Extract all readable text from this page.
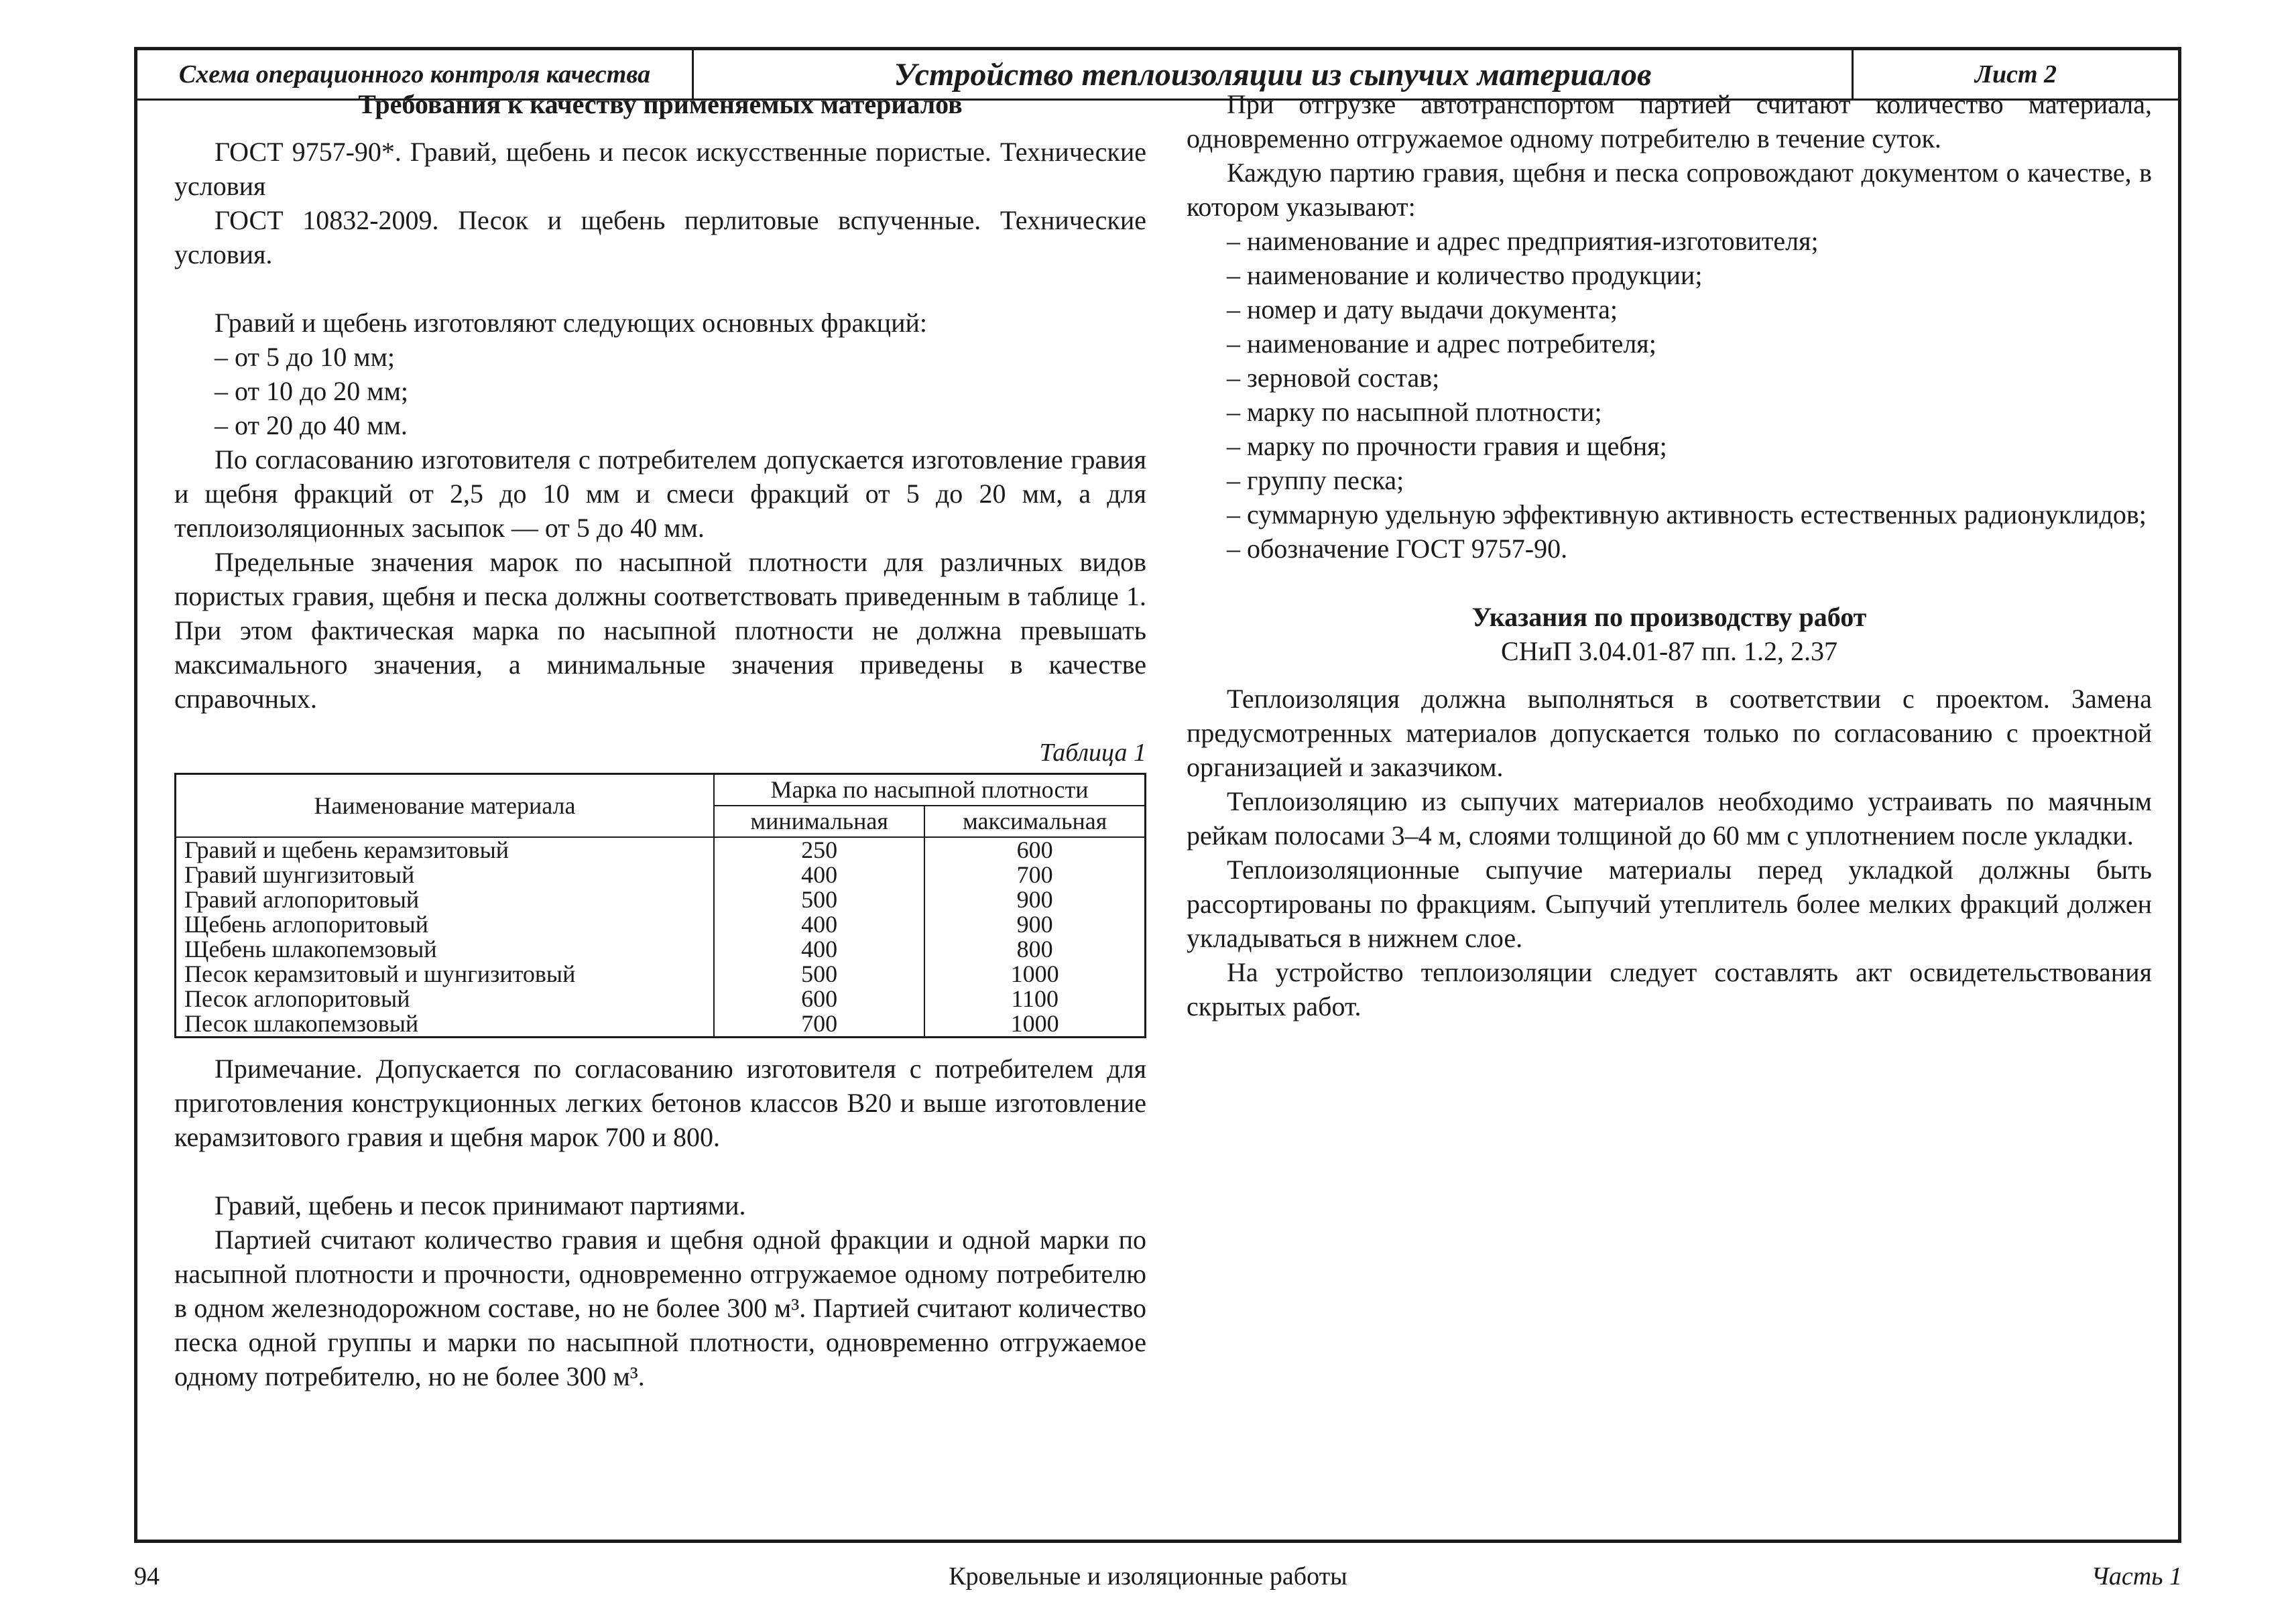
Схема операционного контроля качества	Устройство теплоизоляции из сыпучих материалов	Лист 2

Требования к качеству применяемых материалов

ГОСТ 9757-90*. Гравий, щебень и песок искусственные пористые. Технические условия

ГОСТ 10832-2009. Песок и щебень перлитовые вспученные. Технические условия.

Гравий и щебень изготовляют следующих основных фракций:

– от 5 до 10 мм;

– от 10 до 20 мм;

– от 20 до 40 мм.

По согласованию изготовителя с потребителем допускается изготовление гравия и щебня фракций от 2,5 до 10 мм и смеси фракций от 5 до 20 мм, а для теплоизоляционных засыпок — от 5 до 40 мм.

Предельные значения марок по насыпной плотности для различных видов пористых гравия, щебня и песка должны соответствовать приведенным в таблице 1. При этом фактическая марка по насыпной плотности не должна превышать максимального значения, а минимальные значения приведены в качестве справочных.

Таблица 1
Наименование материала	Марка по насыпной плотности	
	минимальная	максимальная
Гравий и щебень керамзитовый	250	600
Гравий шунгизитовый	400	700
Гравий аглопоритовый	500	900
Щебень аглопоритовый	400	900
Щебень шлакопемзовый	400	800
Песок керамзитовый и шунгизитовый	500	1000
Песок аглопоритовый	600	1100
Песок шлакопемзовый	700	1000

Примечание. Допускается по согласованию изготовителя с потребителем для приготовления конструкционных легких бетонов классов B20 и выше изготовление керамзитового гравия и щебня марок 700 и 800.

Гравий, щебень и песок принимают партиями.

Партией считают количество гравия и щебня одной фракции и одной марки по насыпной плотности и прочности, одновременно отгружаемое одному потребителю в одном железнодорожном составе, но не более 300 м³. Партией считают количество песка одной группы и марки по насыпной плотности, одновременно отгружаемое одному потребителю, но не более 300 м³.

При отгрузке автотранспортом партией считают количество материала, одновременно отгружаемое одному потребителю в течение суток.

Каждую партию гравия, щебня и песка сопровождают документом о качестве, в котором указывают:

– наименование и адрес предприятия-изготовителя;

– наименование и количество продукции;

– номер и дату выдачи документа;

– наименование и адрес потребителя;

– зерновой состав;

– марку по насыпной плотности;

– марку по прочности гравия и щебня;

– группу песка;

– суммарную удельную эффективную активность естественных радионуклидов;

– обозначение ГОСТ 9757-90.

Указания по производству работ

СНиП 3.04.01-87 пп. 1.2, 2.37

Теплоизоляция должна выполняться в соответствии с проектом. Замена предусмотренных материалов допускается только по согласованию с проектной организацией и заказчиком.

Теплоизоляцию из сыпучих материалов необходимо устраивать по маячным рейкам полосами 3–4 м, слоями толщиной до 60 мм с уплотнением после укладки.

Теплоизоляционные сыпучие материалы перед укладкой должны быть рассортированы по фракциям. Сыпучий утеплитель более мелких фракций должен укладываться в нижнем слое.

На устройство теплоизоляции следует составлять акт освидетельствования скрытых работ.

94	Кровельные и изоляционные работы	Часть 1
